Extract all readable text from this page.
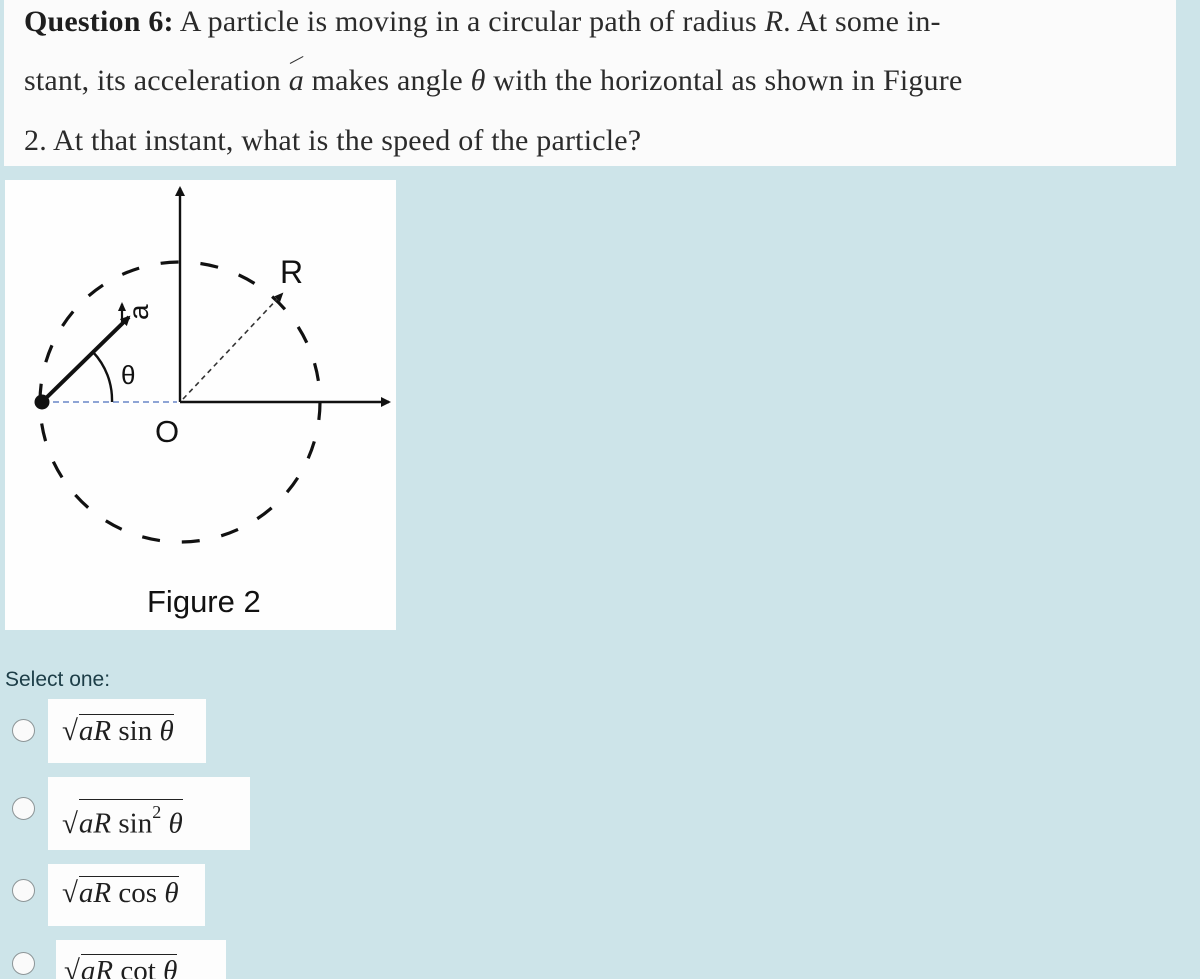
Question 6: A particle is moving in a circular path of radius R. At some in-
stant, its acceleration a makes angle θ with the horizontal as shown in Figure
2. At that instant, what is the speed of the particle?
R
O
θ
a
Figure 2
Select one:
√aR sin θ
√aR $\sin^2 \theta$
√aR cos θ
√aR cot θ
